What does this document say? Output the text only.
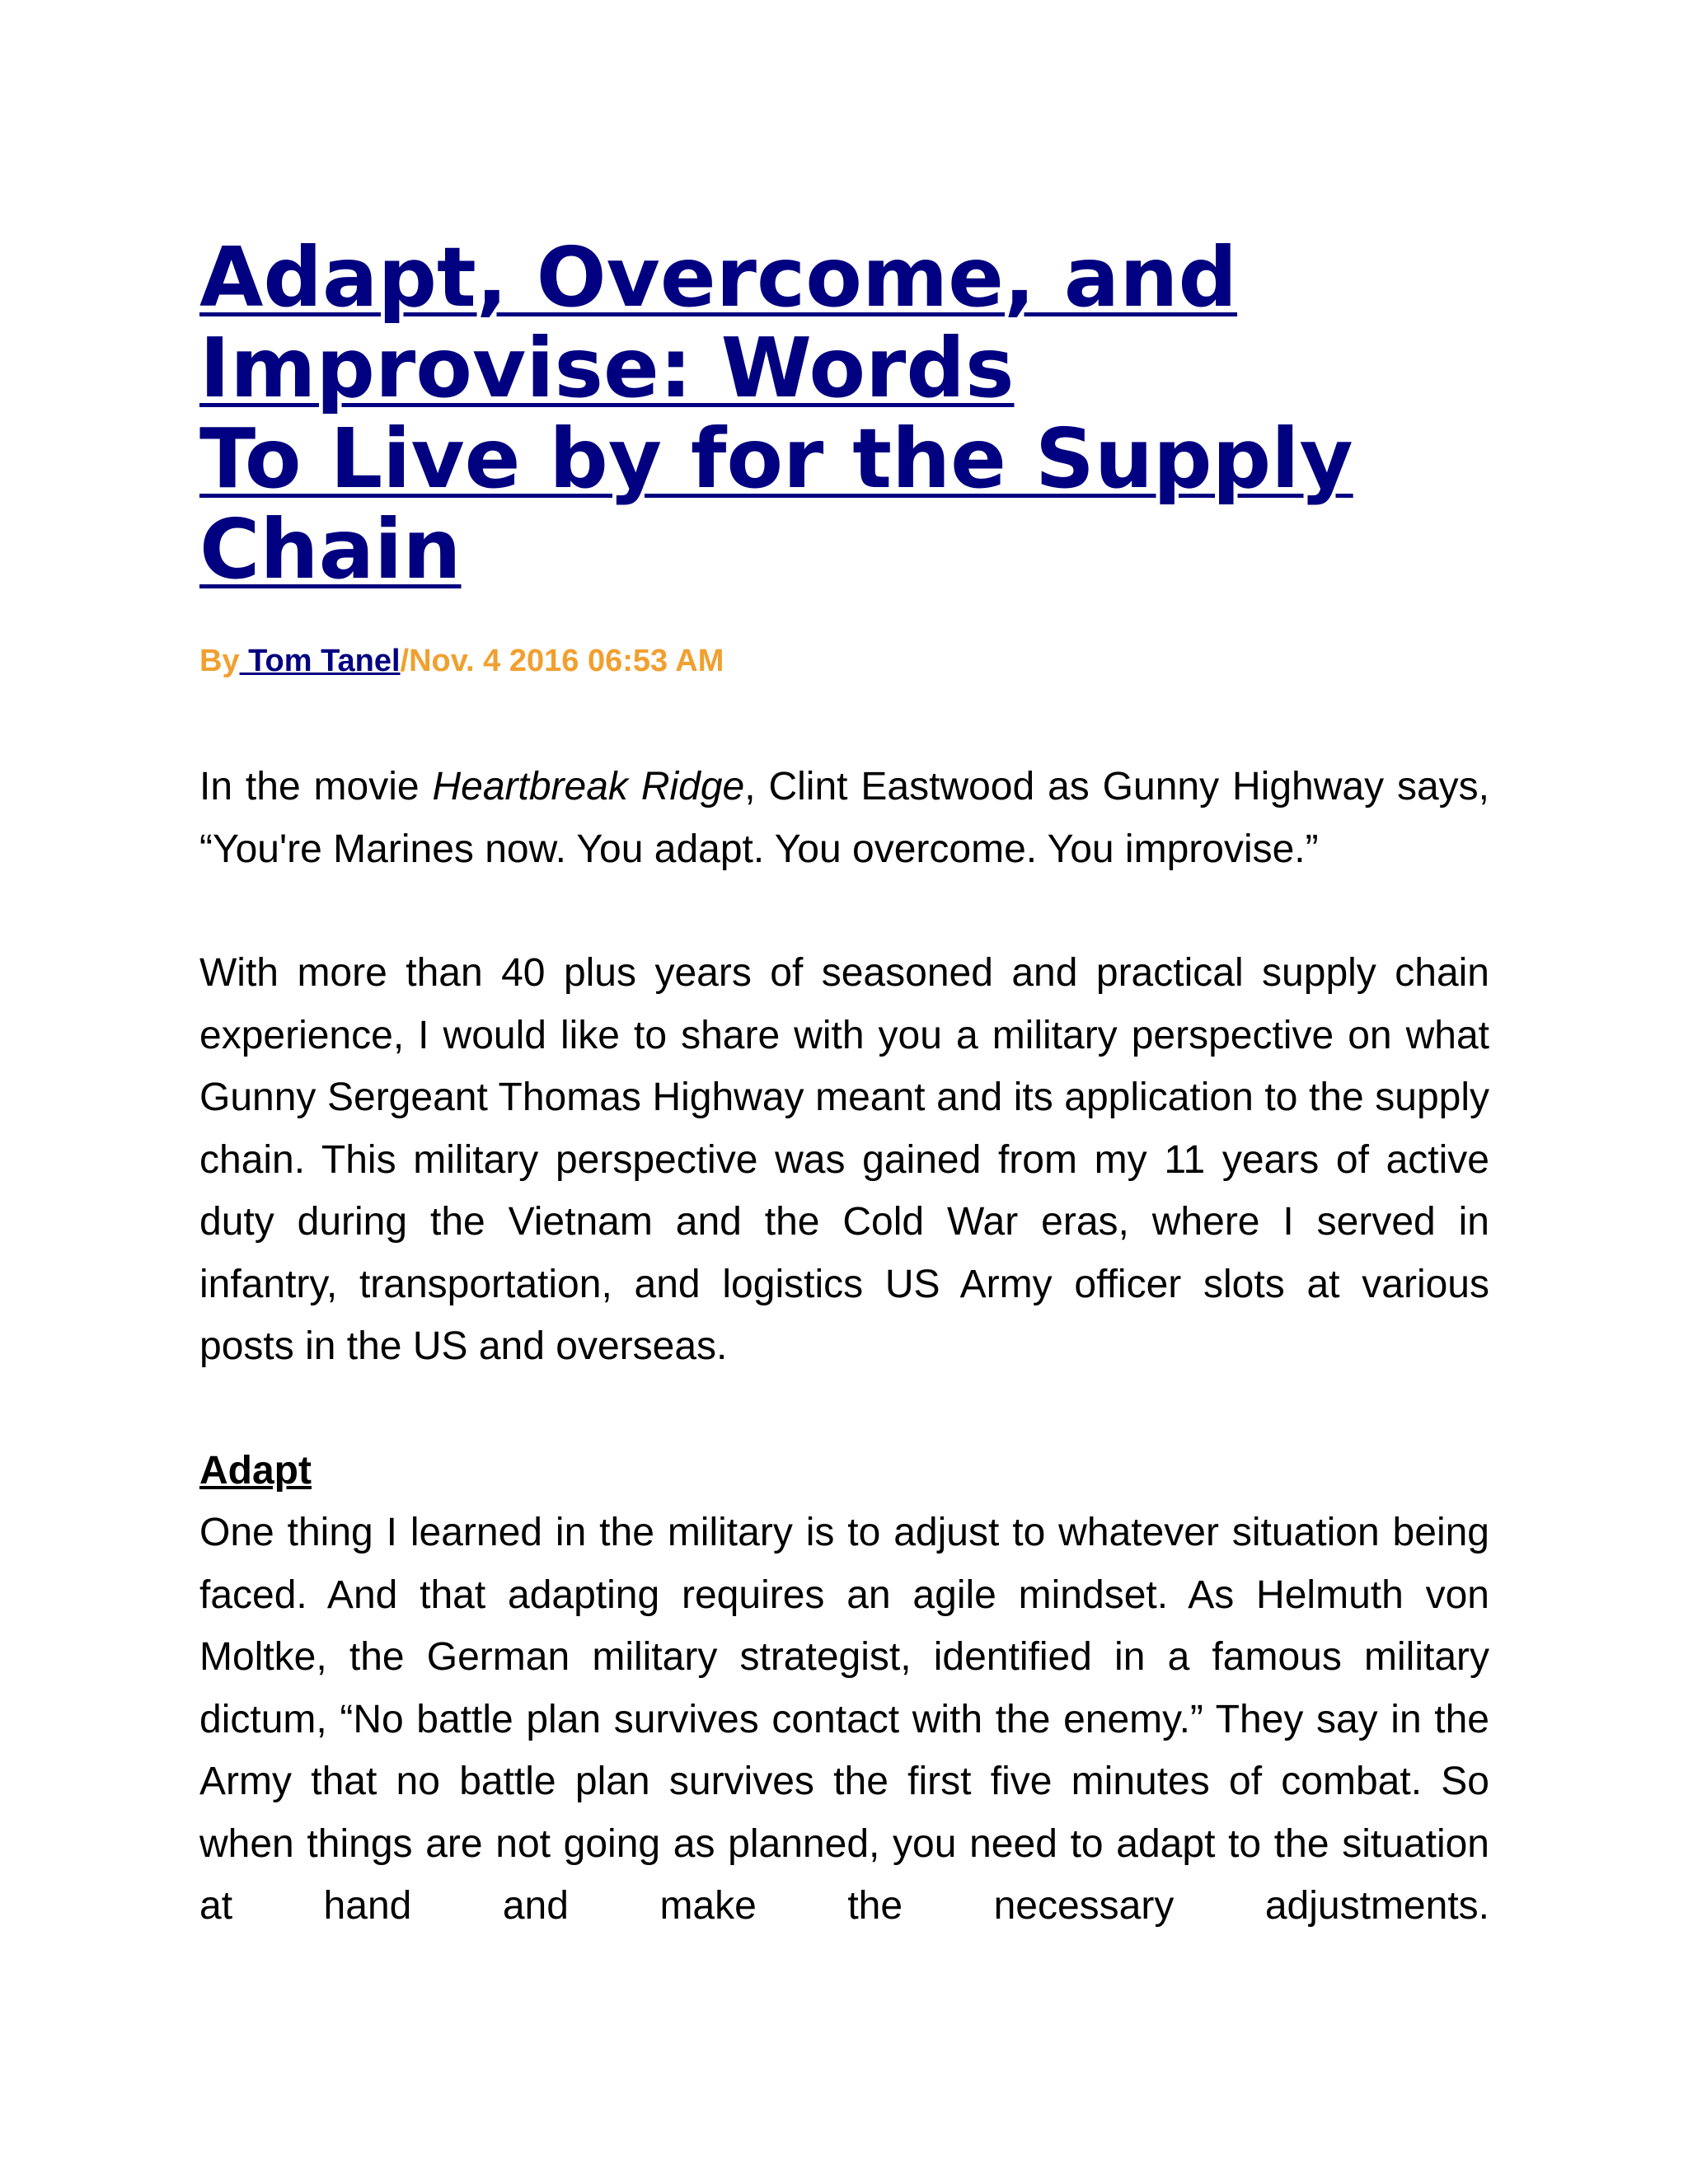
Adapt, Overcome, and
Improvise: Words
To Live by for the Supply
Chain
By Tom Tanel/Nov. 4 2016 06:53 AM

In the movie Heartbreak Ridge, Clint Eastwood as Gunny Highway says, “You're Marines now. You adapt. You overcome. You improvise.”

With more than 40 plus years of seasoned and practical supply chain experience, I would like to share with you a military perspective on what Gunny Sergeant Thomas Highway meant and its application to the supply chain. This military perspective was gained from my 11 years of active duty during the Vietnam and the Cold War eras, where I served in infantry, transportation, and logistics US Army officer slots at various posts in the US and overseas.

Adapt

One thing I learned in the military is to adjust to whatever situation being faced. And that adapting requires an agile mindset. As Helmuth von Moltke, the German military strategist, identified in a famous military dictum, “No battle plan survives contact with the enemy.” They say in the Army that no battle plan survives the first five minutes of combat. So when things are not going as planned, you need to adapt to the situation at hand and make the necessary adjustments.
